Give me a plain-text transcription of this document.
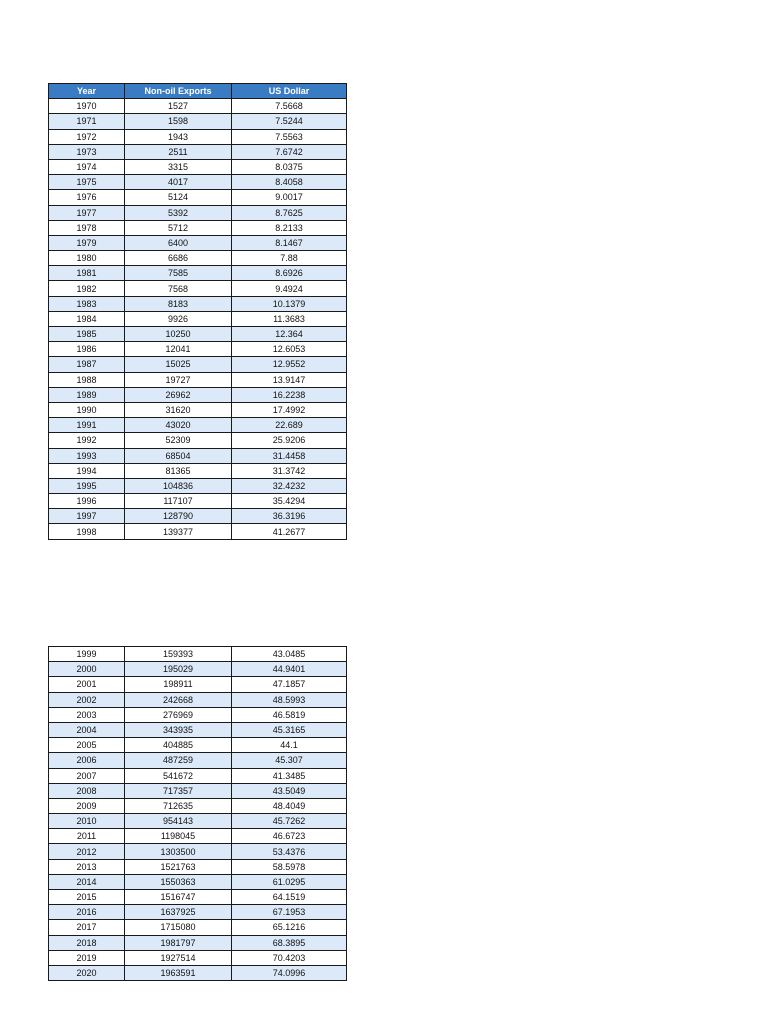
Year	Non-oil Exports	US Dollar
1970	1527	7.5668
1971	1598	7.5244
1972	1943	7.5563
1973	2511	7.6742
1974	3315	8.0375
1975	4017	8.4058
1976	5124	9.0017
1977	5392	8.7625
1978	5712	8.2133
1979	6400	8.1467
1980	6686	7.88
1981	7585	8.6926
1982	7568	9.4924
1983	8183	10.1379
1984	9926	11.3683
1985	10250	12.364
1986	12041	12.6053
1987	15025	12.9552
1988	19727	13.9147
1989	26962	16.2238
1990	31620	17.4992
1991	43020	22.689
1992	52309	25.9206
1993	68504	31.4458
1994	81365	31.3742
1995	104836	32.4232
1996	117107	35.4294
1997	128790	36.3196
1998	139377	41.2677
1999	159393	43.0485
2000	195029	44.9401
2001	198911	47.1857
2002	242668	48.5993
2003	276969	46.5819
2004	343935	45.3165
2005	404885	44.1
2006	487259	45.307
2007	541672	41.3485
2008	717357	43.5049
2009	712635	48.4049
2010	954143	45.7262
2011	1198045	46.6723
2012	1303500	53.4376
2013	1521763	58.5978
2014	1550363	61.0295
2015	1516747	64.1519
2016	1637925	67.1953
2017	1715080	65.1216
2018	1981797	68.3895
2019	1927514	70.4203
2020	1963591	74.0996
